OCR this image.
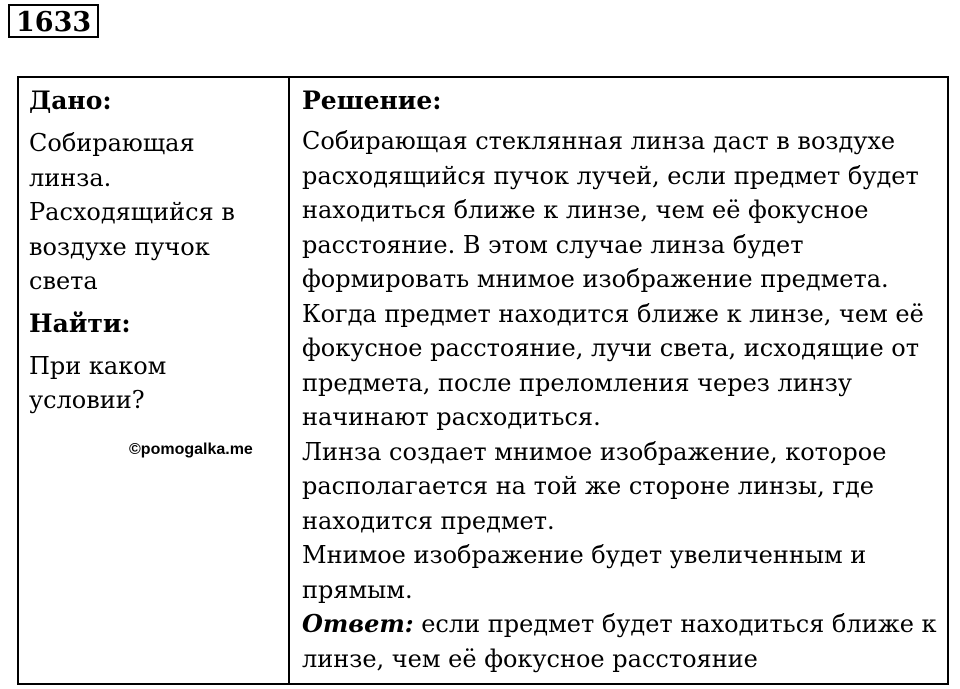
1633

Дано:

Собирающая

линза.

Расходящийся в

воздухе пучок

света

Найти:

При каком

условии?

©pomogalka.me

Решение:

Собирающая стеклянная линза даст в воздухе

расходящийся пучок лучей, если предмет будет

находиться ближе к линзе, чем её фокусное

расстояние. В этом случае линза будет

формировать мнимое изображение предмета.

Когда предмет находится ближе к линзе, чем её

фокусное расстояние, лучи света, исходящие от

предмета, после преломления через линзу

начинают расходиться.

Линза создает мнимое изображение, которое

располагается на той же стороне линзы, где

находится предмет.

Мнимое изображение будет увеличенным и

прямым.

Ответ: если предмет будет находиться ближе к

линзе, чем её фокусное расстояние
